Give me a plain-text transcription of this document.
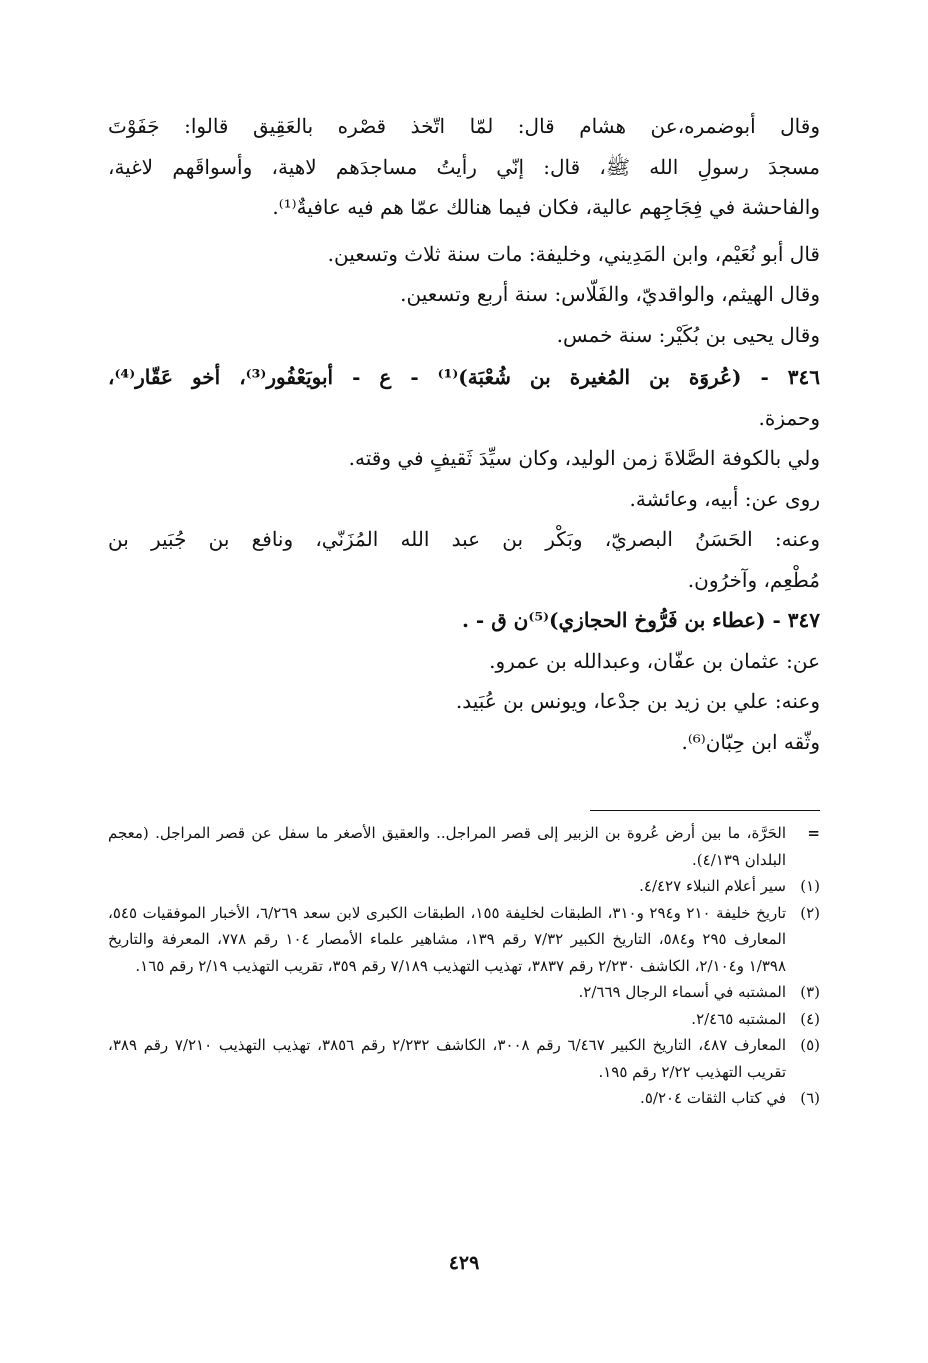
وقال أبوضمره،عن هشام قال: لمّا اتّخذ قصْره بالعَقِيق قالوا: جَفَوْتَ

مسجدَ رسولِ الله ﷺ، قال: إنّي رأيتُ مساجدَهم لاهية، وأسواقَهم لاغية،

والفاحشة في فِجَاجِهم عالية، فكان فيما هنالك عمّا هم فيه عافيةٌ⁽¹⁾.

قال أبو نُعَيْم، وابن المَدِيني، وخليفة: مات سنة ثلاث وتسعين.

وقال الهيثم، والواقديّ، والفَلّاس: سنة أربع وتسعين.

وقال يحيى بن بُكَيْر: سنة خمس.

٣٤٦ - (عُروَة بن المُغيرة بن شُعْبَة)⁽¹⁾ - ع - أبويَعْفُور⁽³⁾، أخو عَقّار⁽⁴⁾،

وحمزة.

ولي بالكوفة الصَّلاةَ زمن الوليد، وكان سيِّدَ ثَقيفٍ في وقته.

روى عن: أبيه، وعائشة.

وعنه: الحَسَنُ البصريّ، وبَكْر بن عبد الله المُزَنّي، ونافع بن جُبَير بن

مُطْعِم، وآخرُون.

٣٤٧ - (عطاء بن فَرُّوخ الحجازي)⁽⁵⁾ن ق - .

عن: عثمان بن عفّان، وعبدالله بن عمرو.

وعنه: علي بن زيد بن جدْعا، ويونس بن عُبَيد.

وثّقه ابن حِبّان⁽⁶⁾.

=
الحَرَّة، ما بين أرض عُروة بن الزبير إلى قصر المراجل.. والعقيق الأصغر ما سفل عن قصر المراجل. (معجم البلدان ٤/١٣٩).
(١)
سير أعلام النبلاء ٤/٤٢٧.
(٢)
تاريخ خليفة ٢١٠ و٢٩٤ و٣١٠، الطبقات لخليفة ١٥٥، الطبقات الكبرى لابن سعد ٦/٢٦٩، الأخبار الموفقيات ٥٤٥، المعارف ٢٩٥ و٥٨٤، التاريخ الكبير ٧/٣٢ رقم ١٣٩، مشاهير علماء الأمصار ١٠٤ رقم ٧٧٨، المعرفة والتاريخ ١/٣٩٨ و٢/١٠٤، الكاشف ٢/٢٣٠ رقم ٣٨٣٧، تهذيب التهذيب ٧/١٨٩ رقم ٣٥٩، تقريب التهذيب ٢/١٩ رقم ١٦٥.
(٣)
المشتبه في أسماء الرجال ٢/٦٦٩.
(٤)
المشتبه ٢/٤٦٥.
(٥)
المعارف ٤٨٧، التاريخ الكبير ٦/٤٦٧ رقم ٣٠٠٨، الكاشف ٢/٢٣٢ رقم ٣٨٥٦، تهذيب التهذيب ٧/٢١٠ رقم ٣٨٩، تقريب التهذيب ٢/٢٢ رقم ١٩٥.
(٦)
في كتاب الثقات ٥/٢٠٤.
٤٢٩
